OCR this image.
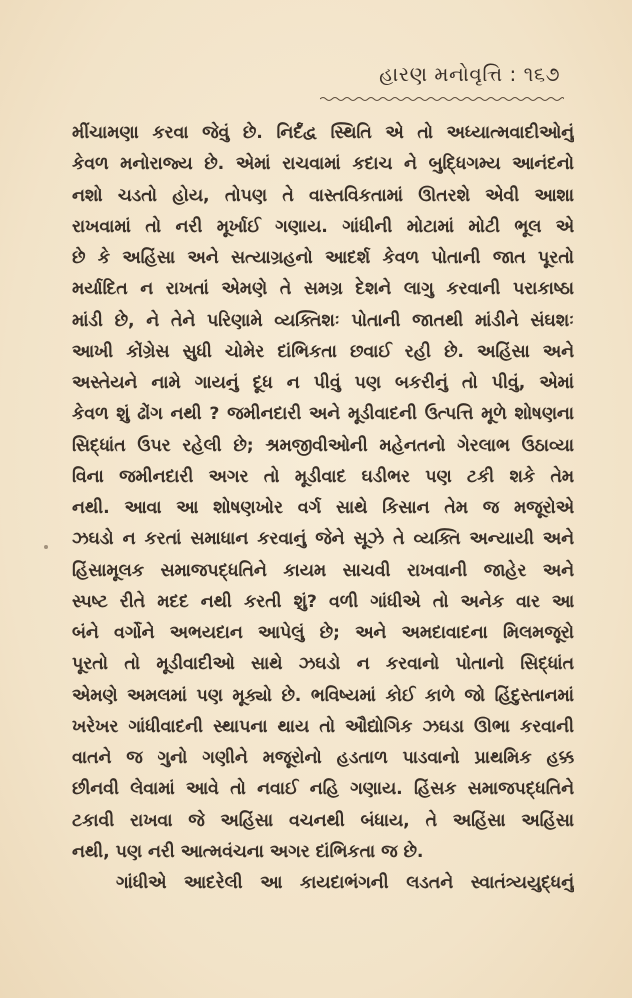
હારણ મનોવૃત્તિ : ૧૬૭
મીંચામણા કરવા જેવું છે. નિર્દંદ્વ સ્થિતિ એ તો અધ્યાત્મવાદીઓનું
કેવળ મનોરાજ્ય છે. એમાં રાચવામાં કદાચ ને બુદ્ધિગમ્ય આનંદનો
નશો ચડતો હોય, તોપણ તે વાસ્તવિકતામાં ઊતરશે એવી આશા
રાખવામાં તો નરી મૂર્ખાઈ ગણાય. ગાંધીની મોટામાં મોટી ભૂલ એ
છે કે અહિંસા અને સત્યાગ્રહનો આદર્શ કેવળ પોતાની જાત પૂરતો
મર્યાદિત ન રાખતાં એમણે તે સમગ્ર દેશને લાગુ કરવાની પરાકાષ્ઠા
માંડી છે, ને તેને પરિણામે વ્યક્તિશઃ પોતાની જાતથી માંડીને સંઘશઃ
આખી કોંગ્રેસ સુધી ચોમેર દાંભિકતા છવાઈ રહી છે. અહિંસા અને
અસ્તેયને નામે ગાયનું દૂધ ન પીવું પણ બકરીનું તો પીવું, એમાં
કેવળ શું ઢોંગ નથી ? જમીનદારી અને મૂડીવાદની ઉત્પત્તિ મૂળે શોષણના
સિદ્ધાંત ઉપર રહેલી છે; શ્રમજીવીઓની મહેનતનો ગેરલાભ ઉઠાવ્યા
વિના જમીનદારી અગર તો મૂડીવાદ ઘડીભર પણ ટકી શકે તેમ
નથી. આવા આ શોષણખોર વર્ગ સાથે કિસાન તેમ જ મજૂરોએ
ઝઘડો ન કરતાં સમાધાન કરવાનું જેને સૂઝે તે વ્યક્તિ અન્યાયી અને
હિંસામૂલક સમાજપદ્ધતિને કાયમ સાચવી રાખવાની જાહેર અને
સ્પષ્ટ રીતે મદદ નથી કરતી શું? વળી ગાંધીએ તો અનેક વાર આ
બંને વર્ગોને અભયદાન આપેલું છે; અને અમદાવાદના મિલમજૂરો
પૂરતો તો મૂડીવાદીઓ સાથે ઝઘડો ન કરવાનો પોતાનો સિદ્ધાંત
એમણે અમલમાં પણ મૂક્યો છે. ભવિષ્યમાં કોઈ કાળે જો હિંદુસ્તાનમાં
ખરેખર ગાંધીવાદની સ્થાપના થાય તો ઔદ્યોગિક ઝઘડા ઊભા કરવાની
વાતને જ ગુનો ગણીને મજૂરોનો હડતાળ પાડવાનો પ્રાથમિક હક્ક
છીનવી લેવામાં આવે તો નવાઈ નહિ ગણાય. હિંસક સમાજપદ્ધતિને
ટકાવી રાખવા જે અહિંસા વચનથી બંધાય, તે અહિંસા અહિંસા
નથી, પણ નરી આત્મવંચના અગર દાંભિકતા જ છે.
ગાંધીએ આદરેલી આ કાયદાભંગની લડતને સ્વાતંત્ર્યયુદ્ધનું
